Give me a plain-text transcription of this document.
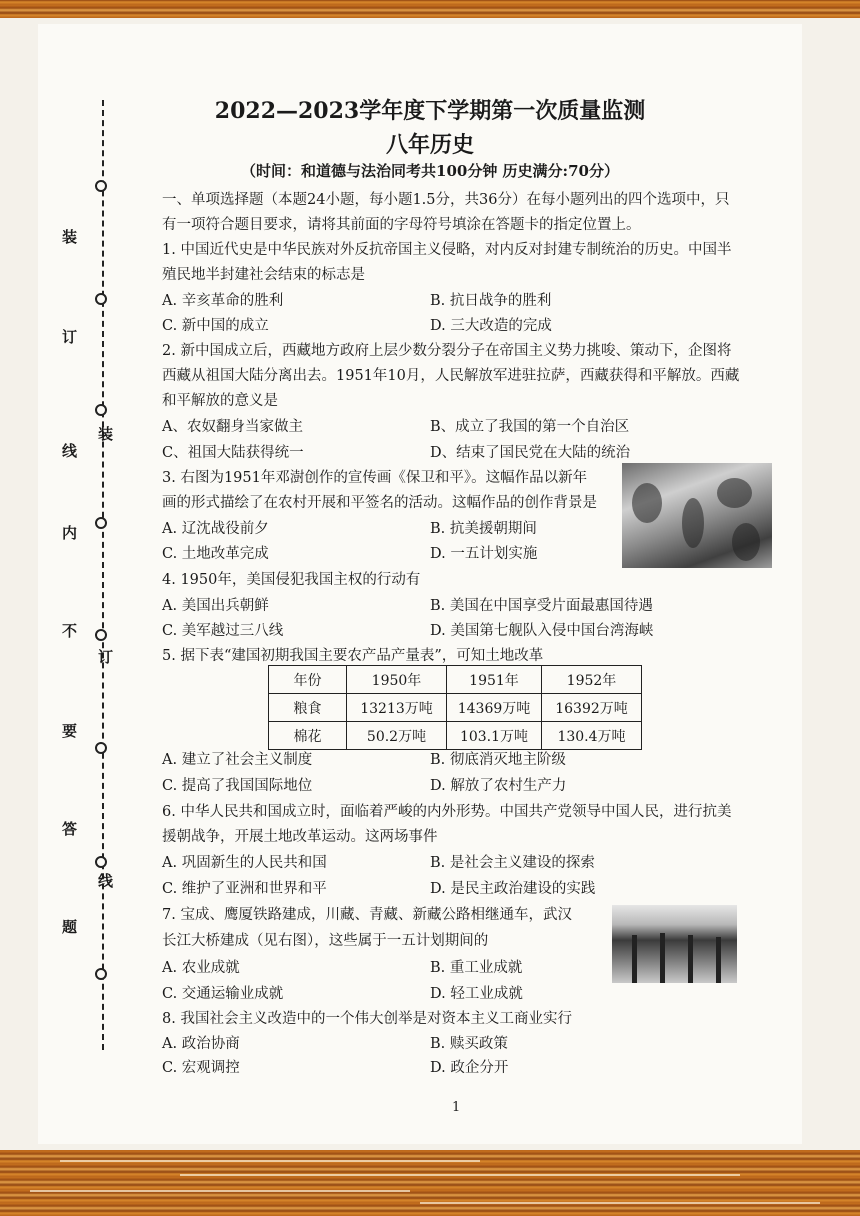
装
订
线
内
不
要
答
题
装
订
线
2022—2023学年度下学期第一次质量监测
八年历史
（时间：和道德与法治同考共100分钟 历史满分:70分）
一、单项选择题（本题24小题，每小题1.5分，共36分）在每小题列出的四个选项中，只
有一项符合题目要求，请将其前面的字母符号填涂在答题卡的指定位置上。
1. 中国近代史是中华民族对外反抗帝国主义侵略，对内反对封建专制统治的历史。中国半
殖民地半封建社会结束的标志是
A. 辛亥革命的胜利	B. 抗日战争的胜利
C. 新中国的成立	D. 三大改造的完成
2. 新中国成立后，西藏地方政府上层少数分裂分子在帝国主义势力挑唆、策动下，企图将
西藏从祖国大陆分离出去。1951年10月，人民解放军进驻拉萨，西藏获得和平解放。西藏
和平解放的意义是
A、农奴翻身当家做主	B、成立了我国的第一个自治区
C、祖国大陆获得统一	D、结束了国民党在大陆的统治
3. 右图为1951年邓澍创作的宣传画《保卫和平》。这幅作品以新年
画的形式描绘了在农村开展和平签名的活动。这幅作品的创作背景是
A. 辽沈战役前夕	B. 抗美援朝期间
C. 土地改革完成	D. 一五计划实施
4. 1950年，美国侵犯我国主权的行动有
A. 美国出兵朝鲜	B. 美国在中国享受片面最惠国待遇
C. 美军越过三八线	D. 美国第七舰队入侵中国台湾海峡
5. 据下表“建国初期我国主要农产品产量表”，可知土地改革
年份	1950年	1951年	1952年
粮食	13213万吨	14369万吨	16392万吨
棉花	50.2万吨	103.1万吨	130.4万吨
A. 建立了社会主义制度	B. 彻底消灭地主阶级
C. 提高了我国国际地位	D. 解放了农村生产力
6. 中华人民共和国成立时，面临着严峻的内外形势。中国共产党领导中国人民，进行抗美
援朝战争，开展土地改革运动。这两场事件
A. 巩固新生的人民共和国	B. 是社会主义建设的探索
C. 维护了亚洲和世界和平	D. 是民主政治建设的实践
7. 宝成、鹰厦铁路建成，川藏、青藏、新藏公路相继通车，武汉
长江大桥建成（见右图），这些属于一五计划期间的
A. 农业成就	B. 重工业成就
C. 交通运输业成就	D. 轻工业成就
8. 我国社会主义改造中的一个伟大创举是对资本主义工商业实行
A. 政治协商	B. 赎买政策
C. 宏观调控	D. 政企分开
1
